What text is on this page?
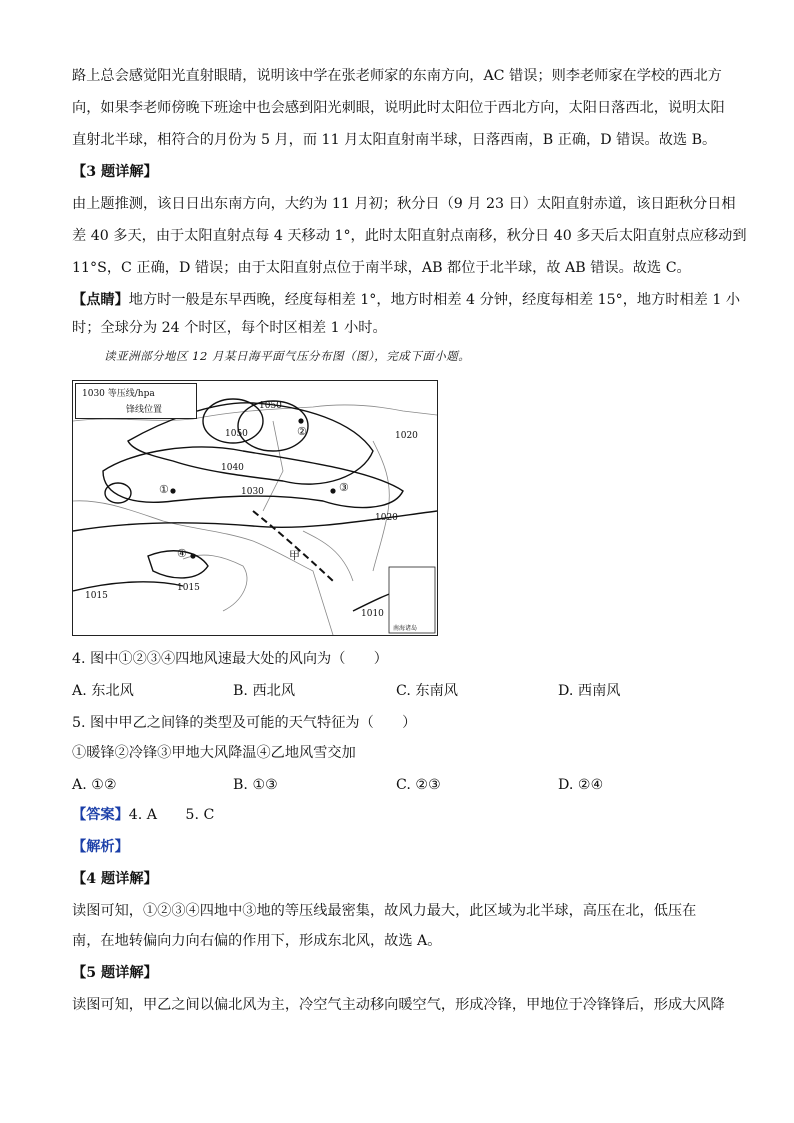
路上总会感觉阳光直射眼睛，说明该中学在张老师家的东南方向，AC 错误；则李老师家在学校的西北方
向，如果李老师傍晚下班途中也会感到阳光刺眼，说明此时太阳位于西北方向，太阳日落西北，说明太阳
直射北半球，相符合的月份为 5 月，而 11 月太阳直射南半球，日落西南，B 正确，D 错误。故选 B。
【3 题详解】
由上题推测，该日日出东南方向，大约为 11 月初；秋分日（9 月 23 日）太阳直射赤道，该日距秋分日相
差 40 多天，由于太阳直射点每 4 天移动 1°，此时太阳直射点南移，秋分日 40 多天后太阳直射点应移动到
11°S，C 正确，D 错误；由于太阳直射点位于南半球，AB 都位于北半球，故 AB 错误。故选 C。
【点睛】地方时一般是东早西晚，经度每相差 1°，地方时相差 4 分钟，经度每相差 15°，地方时相差 1 小
时；全球分为 24 个时区，每个时区相差 1 小时。
读亚洲部分地区 12 月某日海平面气压分布图（图），完成下面小题。
1030 等压线/hpa
锋线位置	1050
1050
1040
1030
1020
1020
1015
1015
1010
①
②
③
④	甲
南海诸岛
4. 图中①②③④四地风速最大处的风向为（　　）
A. 东北风	B. 西北风	C. 东南风	D. 西南风
5. 图中甲乙之间锋的类型及可能的天气特征为（　　）
①暖锋②冷锋③甲地大风降温④乙地风雪交加
A. ①②	B. ①③	C. ②③	D. ②④
【答案】4. A　　5. C
【解析】
【4 题详解】
读图可知，①②③④四地中③地的等压线最密集，故风力最大，此区域为北半球，高压在北，低压在
南，在地转偏向力向右偏的作用下，形成东北风，故选 A。
【5 题详解】
读图可知，甲乙之间以偏北风为主，冷空气主动移向暖空气，形成冷锋，甲地位于冷锋锋后，形成大风降
